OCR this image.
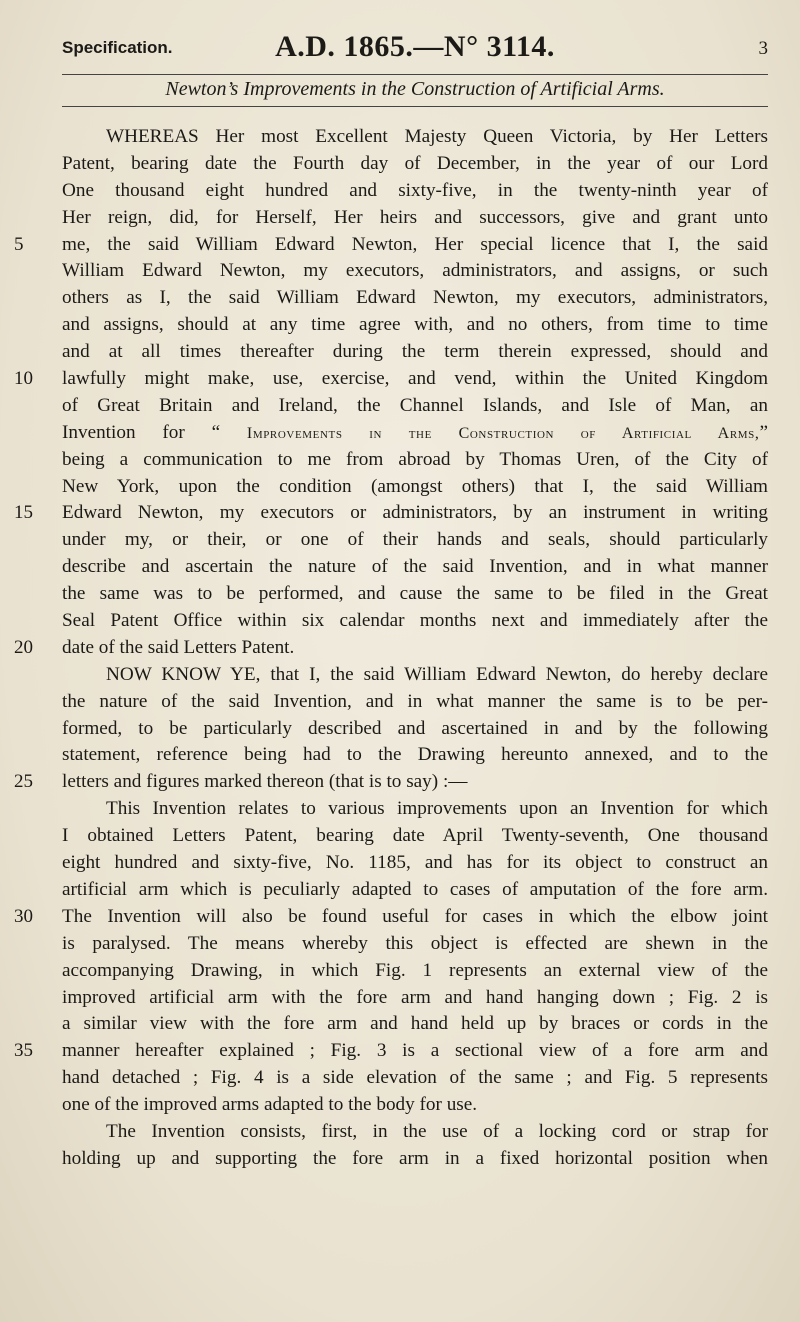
Specification.	A.D. 1865.—N° 3114.	3
Newton’s Improvements in the Construction of Artificial Arms.
WHEREAS Her most Excellent Majesty Queen Victoria, by Her Letters
Patent, bearing date the Fourth day of December, in the year of our Lord
One thousand eight hundred and sixty-five, in the twenty-ninth year of
Her reign, did, for Herself, Her heirs and successors, give and grant unto
5	me, the said William Edward Newton, Her special licence that I, the said
William Edward Newton, my executors, administrators, and assigns, or such
others as I, the said William Edward Newton, my executors, administrators,
and assigns, should at any time agree with, and no others, from time to time
and at all times thereafter during the term therein expressed, should and
10	lawfully might make, use, exercise, and vend, within the United Kingdom
of Great Britain and Ireland, the Channel Islands, and Isle of Man, an
Invention for “ Improvements in the Construction of Artificial Arms,”
being a communication to me from abroad by Thomas Uren, of the City of
New York, upon the condition (amongst others) that I, the said William
15	Edward Newton, my executors or administrators, by an instrument in writing
under my, or their, or one of their hands and seals, should particularly
describe and ascertain the nature of the said Invention, and in what manner
the same was to be performed, and cause the same to be filed in the Great
Seal Patent Office within six calendar months next and immediately after the
20	date of the said Letters Patent.
NOW KNOW YE, that I, the said William Edward Newton, do hereby declare
the nature of the said Invention, and in what manner the same is to be per-
formed, to be particularly described and ascertained in and by the following
statement, reference being had to the Drawing hereunto annexed, and to the
25	letters and figures marked thereon (that is to say) :—
This Invention relates to various improvements upon an Invention for which
I obtained Letters Patent, bearing date April Twenty-seventh, One thousand
eight hundred and sixty-five, No. 1185, and has for its object to construct an
artificial arm which is peculiarly adapted to cases of amputation of the fore arm.
30	The Invention will also be found useful for cases in which the elbow joint
is paralysed. The means whereby this object is effected are shewn in the
accompanying Drawing, in which Fig. 1 represents an external view of the
improved artificial arm with the fore arm and hand hanging down ; Fig. 2 is
a similar view with the fore arm and hand held up by braces or cords in the
35	manner hereafter explained ; Fig. 3 is a sectional view of a fore arm and
hand detached ; Fig. 4 is a side elevation of the same ; and Fig. 5 represents
one of the improved arms adapted to the body for use.
The Invention consists, first, in the use of a locking cord or strap for
holding up and supporting the fore arm in a fixed horizontal position when
